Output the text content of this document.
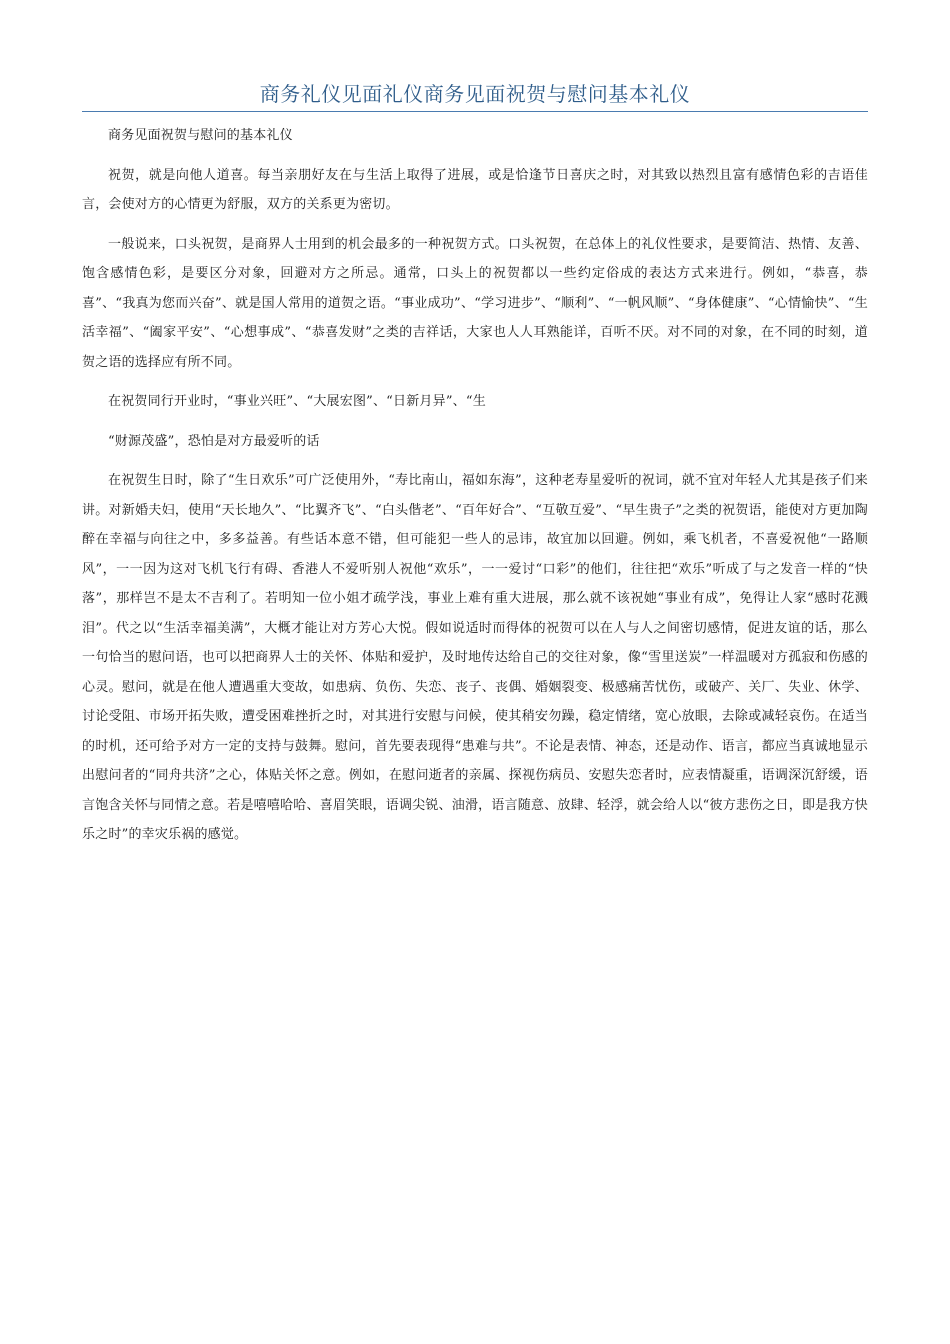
商务礼仪见面礼仪商务见面祝贺与慰问基本礼仪

商务见面祝贺与慰问的基本礼仪

祝贺，就是向他人道喜。每当亲朋好友在与生活上取得了进展，或是恰逢节日喜庆之时，对其致以热烈且富有感情色彩的吉语佳言，会使对方的心情更为舒服，双方的关系更为密切。

一般说来，口头祝贺，是商界人士用到的机会最多的一种祝贺方式。口头祝贺，在总体上的礼仪性要求，是要简洁、热情、友善、饱含感情色彩，是要区分对象，回避对方之所忌。通常，口头上的祝贺都以一些约定俗成的表达方式来进行。例如，“恭喜，恭喜”、“我真为您而兴奋”、就是国人常用的道贺之语。“事业成功”、“学习进步”、“顺利”、“一帆风顺”、“身体健康”、“心情愉快”、“生活幸福”、“阖家平安”、“心想事成”、“恭喜发财”之类的吉祥话，大家也人人耳熟能详，百听不厌。对不同的对象，在不同的时刻，道贺之语的选择应有所不同。

在祝贺同行开业时，“事业兴旺”、“大展宏图”、“日新月异”、“生

“财源茂盛”，恐怕是对方最爱听的话

在祝贺生日时，除了“生日欢乐”可广泛使用外，“寿比南山，福如东海”，这种老寿星爱听的祝词，就不宜对年轻人尤其是孩子们来讲。对新婚夫妇，使用“天长地久”、“比翼齐飞”、“白头偕老”、“百年好合”、“互敬互爱”、“早生贵子”之类的祝贺语，能使对方更加陶醉在幸福与向往之中，多多益善。有些话本意不错，但可能犯一些人的忌讳，故宜加以回避。例如，乘飞机者，不喜爱祝他“一路顺风”，一一因为这对飞机飞行有碍、香港人不爱听别人祝他“欢乐”，一一爱讨“口彩”的他们，往往把“欢乐”听成了与之发音一样的“快落”，那样岂不是太不吉利了。若明知一位小姐才疏学浅，事业上难有重大进展，那么就不该祝她“事业有成”，免得让人家“感时花溅泪”。代之以“生活幸福美满”，大概才能让对方芳心大悦。假如说适时而得体的祝贺可以在人与人之间密切感情，促进友谊的话，那么一句恰当的慰问语，也可以把商界人士的关怀、体贴和爱护，及时地传达给自己的交往对象，像“雪里送炭”一样温暖对方孤寂和伤感的心灵。慰问，就是在他人遭遇重大变故，如患病、负伤、失恋、丧子、丧偶、婚姻裂变、极感痛苦忧伤，或破产、关厂、失业、休学、讨论受阻、市场开拓失败，遭受困难挫折之时，对其进行安慰与问候，使其稍安勿躁，稳定情绪，宽心放眼，去除或减轻哀伤。在适当的时机，还可给予对方一定的支持与鼓舞。慰问，首先要表现得“患难与共”。不论是表情、神态，还是动作、语言，都应当真诚地显示出慰问者的“同舟共济”之心，体贴关怀之意。例如，在慰问逝者的亲属、探视伤病员、安慰失恋者时，应表情凝重，语调深沉舒缓，语言饱含关怀与同情之意。若是嘻嘻哈哈、喜眉笑眼，语调尖锐、油滑，语言随意、放肆、轻浮，就会给人以“彼方悲伤之日，即是我方快乐之时”的幸灾乐祸的感觉。
